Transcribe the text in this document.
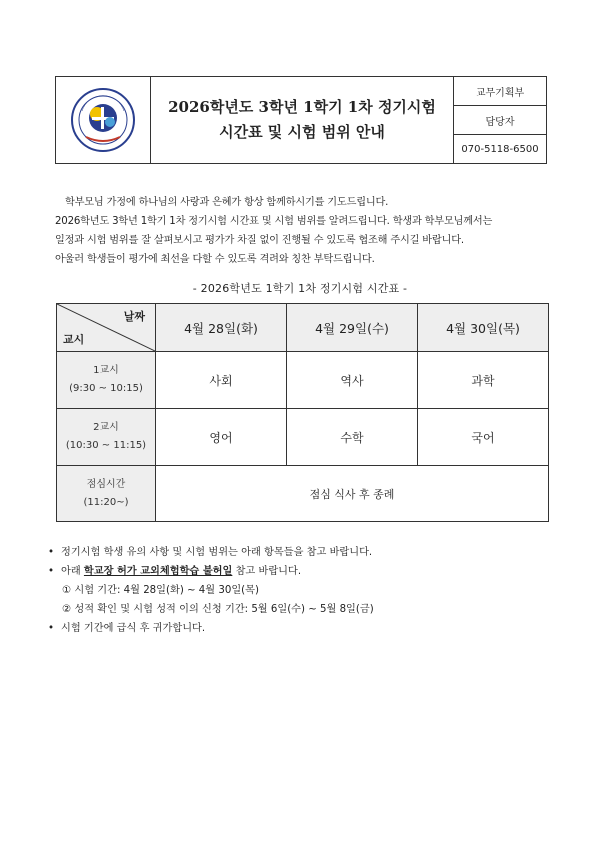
2026학년도 3학년 1학기 1차 정기시험
시간표 및 시험 범위 안내
교무기획부
담당자
070-5118-6500

학부모님 가정에 하나님의 사랑과 은혜가 항상 함께하시기를 기도드립니다.

2026학년도 3학년 1학기 1차 정기시험 시간표 및 시험 범위를 알려드립니다. 학생과 학부모님께서는

일정과 시험 범위를 잘 살펴보시고 평가가 차질 없이 진행될 수 있도록 협조해 주시길 바랍니다.

아울러 학생들이 평가에 최선을 다할 수 있도록 격려와 칭찬 부탁드립니다.

- 2026학년도 1학기 1차 정기시험 시간표 -
날짜
교시	4월 28일(화)	4월 29일(수)	4월 30일(목)

1교시
(9:30 ~ 10:15)	사회	역사	과학

2교시
(10:30 ~ 11:15)	영어	수학	국어

점심시간
(11:20~)	점심 식사 후 종례		
• 정기시험 학생 유의 사항 및 시험 범위는 아래 항목들을 참고 바랍니다.
• 아래 학교장 허가 교외체험학습 불허일 참고 바랍니다.
① 시험 기간: 4월 28일(화) ~ 4월 30일(목)
② 성적 확인 및 시험 성적 이의 신청 기간: 5월 6일(수) ~ 5월 8일(금)
• 시험 기간에 급식 후 귀가합니다.
